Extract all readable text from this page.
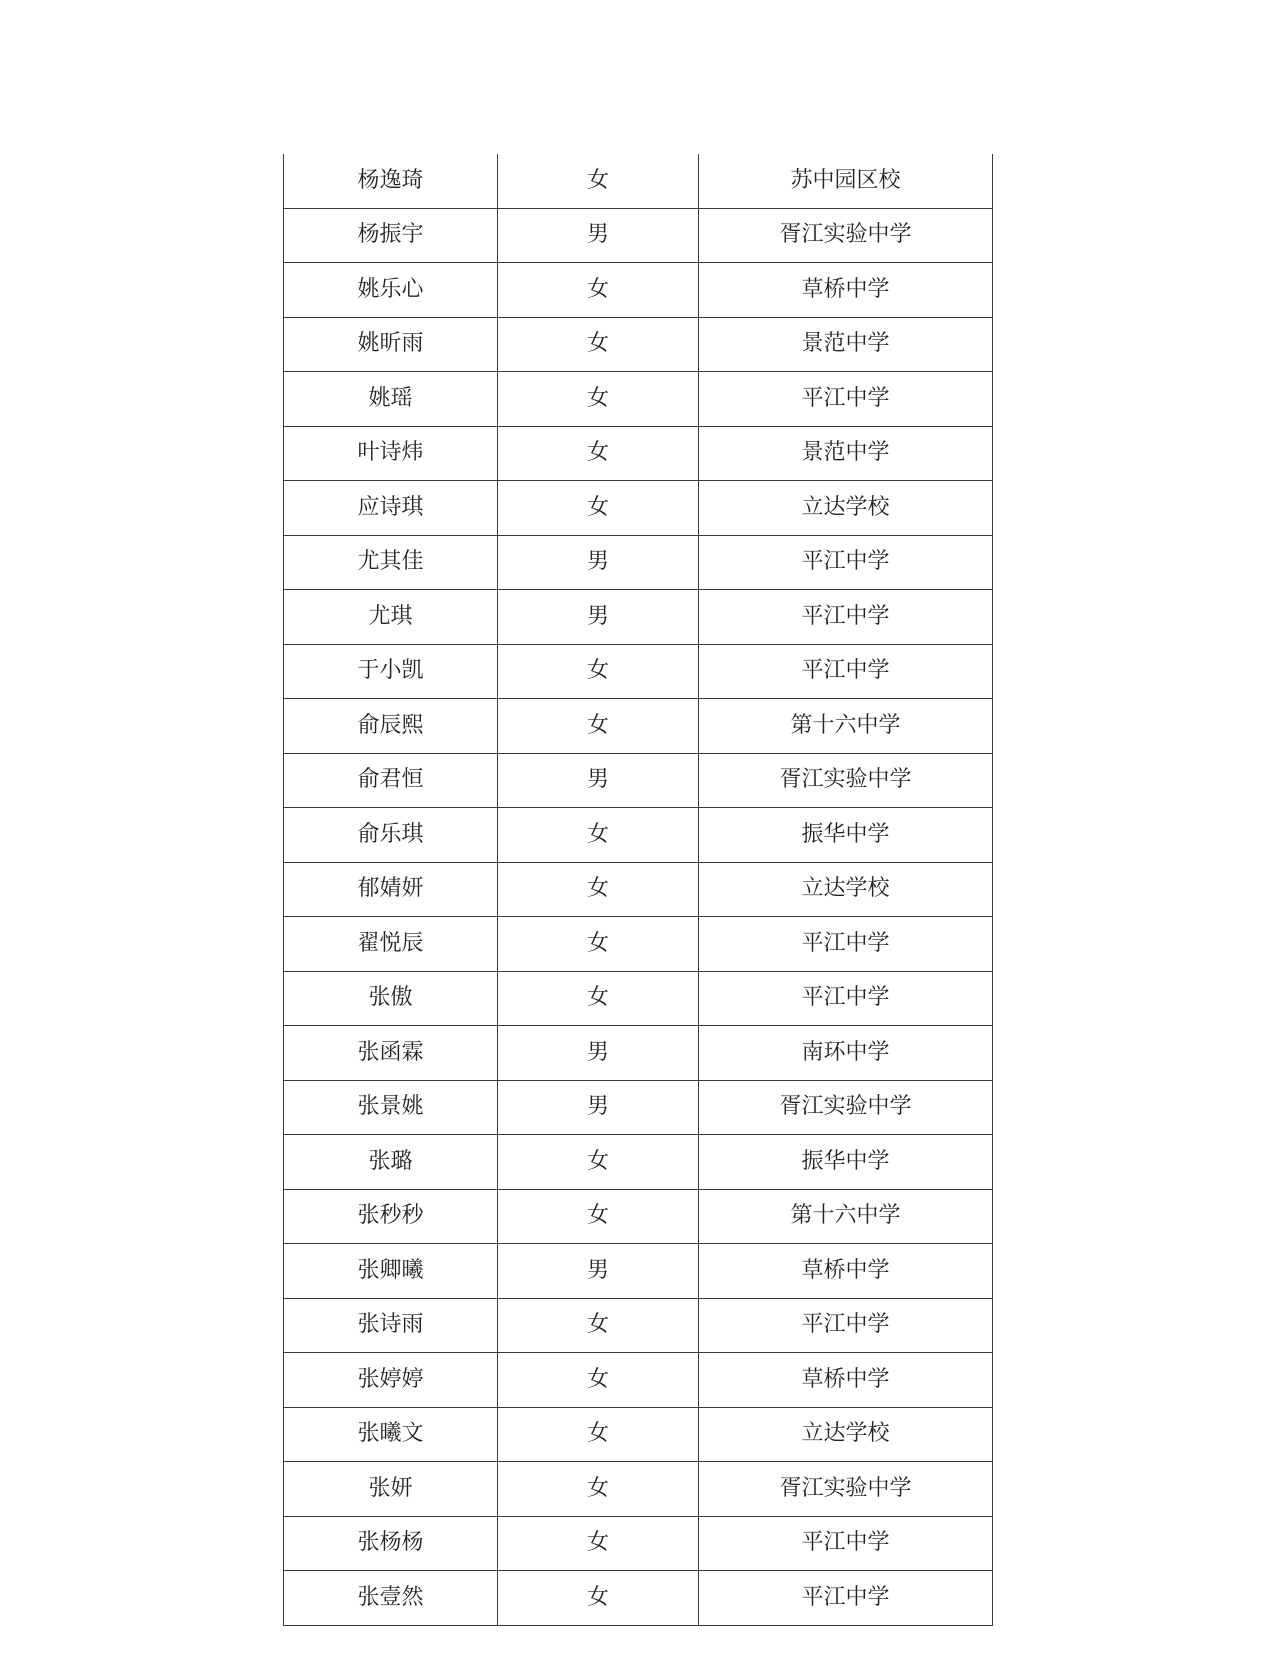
杨逸琦	女	苏中园区校
杨振宇	男	胥江实验中学
姚乐心	女	草桥中学
姚昕雨	女	景范中学
姚瑶	女	平江中学
叶诗炜	女	景范中学
应诗琪	女	立达学校
尤其佳	男	平江中学
尤琪	男	平江中学
于小凯	女	平江中学
俞辰熙	女	第十六中学
俞君恒	男	胥江实验中学
俞乐琪	女	振华中学
郁婧妍	女	立达学校
翟悦辰	女	平江中学
张傲	女	平江中学
张函霖	男	南环中学
张景姚	男	胥江实验中学
张璐	女	振华中学
张秒秒	女	第十六中学
张卿曦	男	草桥中学
张诗雨	女	平江中学
张婷婷	女	草桥中学
张曦文	女	立达学校
张妍	女	胥江实验中学
张杨杨	女	平江中学
张壹然	女	平江中学
